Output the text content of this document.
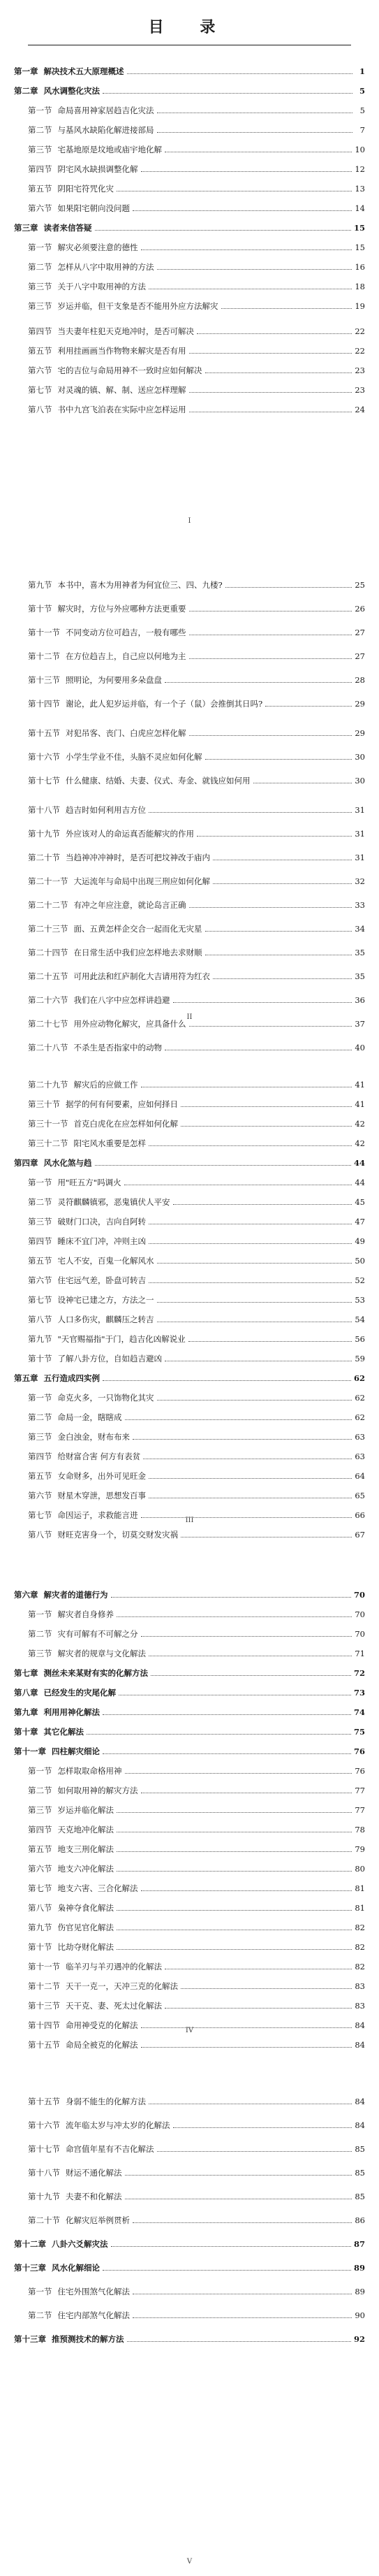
目 录
第一章 解决技术五大原理概述	1
第二章 风水调整化灾法	5
第一节 命局喜用神家居趋吉化灾法	5
第二节 与基风水缺陷化解进接部局	7
第三节 宅基地原是坟地或庙宇地化解	10
第四节 阴宅风水缺损调整化解	12
第五节 阴阳宅符咒化灾	13
第六节 如果阳宅朝向没问题	14
第三章 读者来信答疑	15
第一节 解灾必须要注意的德性	15
第二节 怎样从八字中取用神的方法	16
第三节 关于八字中取用神的方法	18
第三节 岁运并临，但干支象是否不能用外应方法解灾	19
第四节 当夫妻年柱犯天克地冲时，是否可解决	22
第五节 利用挂画画当作物物来解灾是否有用	22
第六节 宅的吉位与命局用神不一致时应如何解决	23
第七节 对灵魂的镇、解、制、送应怎样理解	23
第八节 书中九宫飞泊表在实际中应怎样运用	24
I
第九节 本书中，喜木为用神者为何宜位三、四、九楼?	25
第十节 解灾时，方位与外应哪种方法更重要	26
第十一节 不同变动方位可趋吉，一般有哪些	27
第十二节 在方位趋吉上，自己应以何地为主	27
第十三节 照明论，为何要用多朵盘盘	28
第十四节 谢论，此人犯岁运并临，有一个子（鼠）会推倒其日吗?	29
第十五节 对犯吊客、丧门、白虎应怎样化解	29
第十六节 小学生学业不佳，头脑不灵应如何化解	30
第十七节 什么健康、结婚、夫妻、仪式、寿金、就钱应如何用	30
第十八节 趋吉时如何利用吉方位	31
第十九节 外应该对人的命运真否能解灾的作用	31
第二十节 当趋神冲冲神时，是否可把坟神改于庙内	31
第二十一节 大运流年与命局中出现三刑应如何化解	32
第二十二节 有冲之年应注意，就论岛言正确	33
第二十三节 面、五黄怎样企交合一起而化无灾星	34
第二十四节 在日常生活中我们应怎样地去求财顺	35
第二十五节 可用此法和红庐制化大吉请用符为红衣	35
第二十六节 我们在八字中应怎样讲趋避	36
第二十七节 用外应动物化解灾，应具备什么	37
第二十八节 不杀生是否指家中的动物	40
II
第二十九节 解灾后的应做工作	41
第三十节 据学的何有何要素，应如何择日	41
第三十一节 首克白虎化在应怎样如何化解	42
第三十二节 阳宅风水重要是怎样	42
第四章 风水化煞与趋	44
第一节 用"旺五方"吗调火	44
第二节 灵符麒麟镇邪，恶鬼镇伏人平安	45
第三节 破财门口决，吉向自阿转	47
第四节 睡床不宜门冲，冲则主凶	49
第五节 宅人不安，百鬼一化解风水	50
第六节 住宅远气差，卧盘可转吉	52
第七节 设神宅已建之方，方法之一	53
第八节 人口多伤灾，麒麟压之转吉	54
第九节 "天官赐福指"于门，趋吉化凶解说业	56
第十节 了解八卦方位，自如趋吉避凶	59
第五章 五行造成四实例	62
第一节 命克火多，一只饰物化其灾	62
第二节 命局一金，瞎瞎成	62
第三节 金白浊金，财布布来	63
第四节 给财富合害 何方有表贫	63
第五节 女命财多，出外可见旺金	64
第六节 财星木穿泄，思想发百事	65
第七节 命因运子，求救能言进	66
第八节 财旺克害身一个，切莫交财发灾祸	67
III
第六章 解灾者的道德行为	70
第一节 解灾者自身修养	70
第二节 灾有可解有不可解之分	70
第三节 解灾者的规章与文化解法	71
第七章 测丝未来某财有实的化解方法	72
第八章 已经发生的灾尾化解	73
第九章 利用用神化解法	74
第十章 其它化解法	75
第十一章 四柱解灾细论	76
第一节 怎样取取命格用神	76
第二节 如何取用神的解灾方法	77
第三节 岁运并临化解法	77
第四节 天克地冲化解法	78
第五节 地支三刑化解法	79
第六节 地支六冲化解法	80
第七节 地支六害、三合化解法	81
第八节 枭神夺食化解法	81
第九节 伤官见官化解法	82
第十节 比劫夺财化解法	82
第十一节 临羊刃与羊刃遇冲的化解法	82
第十二节 天干一克一，天冲三克的化解法	83
第十三节 天干克、妻、死太过化解法	83
第十四节 命用神受克的化解法	84
第十五节 命局全被克的化解法	84
IV
第十五节 身弱不能生的化解方法	84
第十六节 流年临太岁与冲太岁的化解法	84
第十七节 命宫值年星有不吉化解法	85
第十八节 财运不通化解法	85
第十九节 夫妻不和化解法	85
第二十节 化解灾厄举例贯析	86
第十二章 八卦六爻解灾法	87
第十三章 风水化解细论	89
第一节 住宅外围煞气化解法	89
第二节 住宅内部煞气化解法	90
第十三章 推预测技术的解方法	92
V
